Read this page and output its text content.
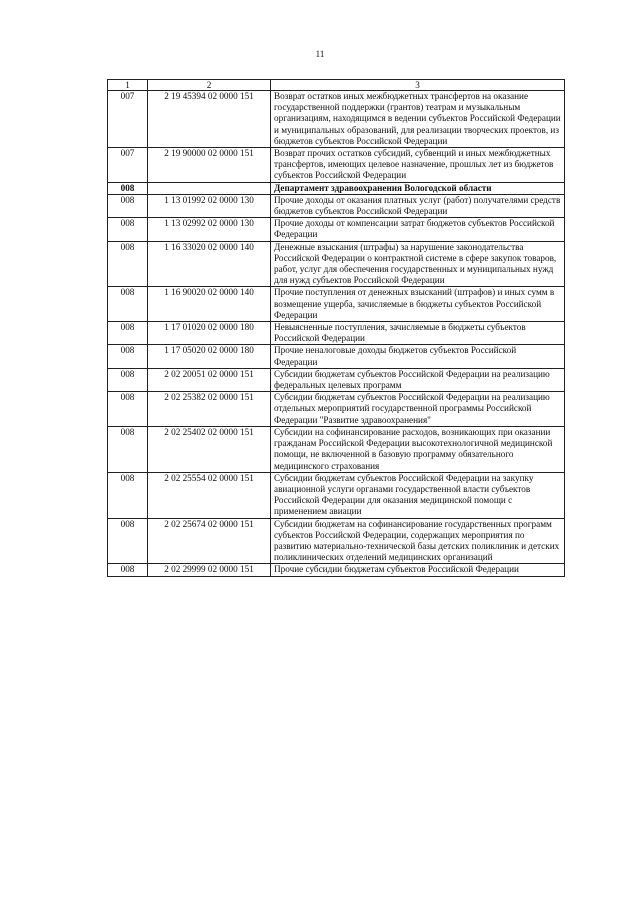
11
1	2	3
007	2 19 45394 02 0000 151	Возврат остатков иных межбюджетных трансфертов на оказание государственной поддержки (грантов) театрам и музыкальным организациям, находящимся в ведении субъектов Российской Федерации и муниципальных образований, для реализации творческих проектов, из бюджетов субъектов Российской Федерации
007	2 19 90000 02 0000 151	Возврат прочих остатков субсидий, субвенций и иных межбюджетных трансфертов, имеющих целевое назначение, прошлых лет из бюджетов субъектов Российской Федерации
008		Департамент здравоохранения Вологодской области
008	1 13 01992 02 0000 130	Прочие доходы от оказания платных услуг (работ) получателями средств бюджетов субъектов Российской Федерации
008	1 13 02992 02 0000 130	Прочие доходы от компенсации затрат бюджетов субъектов Российской Федерации
008	1 16 33020 02 0000 140	Денежные взыскания (штрафы) за нарушение законодательства Российской Федерации о контрактной системе в сфере закупок товаров, работ, услуг для обеспечения государственных и муниципальных нужд для нужд субъектов Российской Федерации
008	1 16 90020 02 0000 140	Прочие поступления от денежных взысканий (штрафов) и иных сумм в возмещение ущерба, зачисляемые в бюджеты субъектов Российской Федерации
008	1 17 01020 02 0000 180	Невыясненные поступления, зачисляемые в бюджеты субъектов Российской Федерации
008	1 17 05020 02 0000 180	Прочие неналоговые доходы бюджетов субъектов Российской Федерации
008	2 02 20051 02 0000 151	Субсидии бюджетам субъектов Российской Федерации на реализацию федеральных целевых программ
008	2 02 25382 02 0000 151	Субсидии бюджетам субъектов Российской Федерации на реализацию отдельных мероприятий государственной программы Российской Федерации "Развитие здравоохранения"
008	2 02 25402 02 0000 151	Субсидии на софинансирование расходов, возникающих при оказании гражданам Российской Федерации высокотехнологичной медицинской помощи, не включенной в базовую программу обязательного медицинского страхования
008	2 02 25554 02 0000 151	Субсидии бюджетам субъектов Российской Федерации на закупку авиационной услуги органами государственной власти субъектов Российской Федерации для оказания медицинской помощи с применением авиации
008	2 02 25674 02 0000 151	Субсидии бюджетам на софинансирование государственных программ субъектов Российской Федерации, содержащих мероприятия по развитию материально-технической базы детских поликлиник и детских поликлинических отделений медицинских организаций
008	2 02 29999 02 0000 151	Прочие субсидии бюджетам субъектов Российской Федерации
